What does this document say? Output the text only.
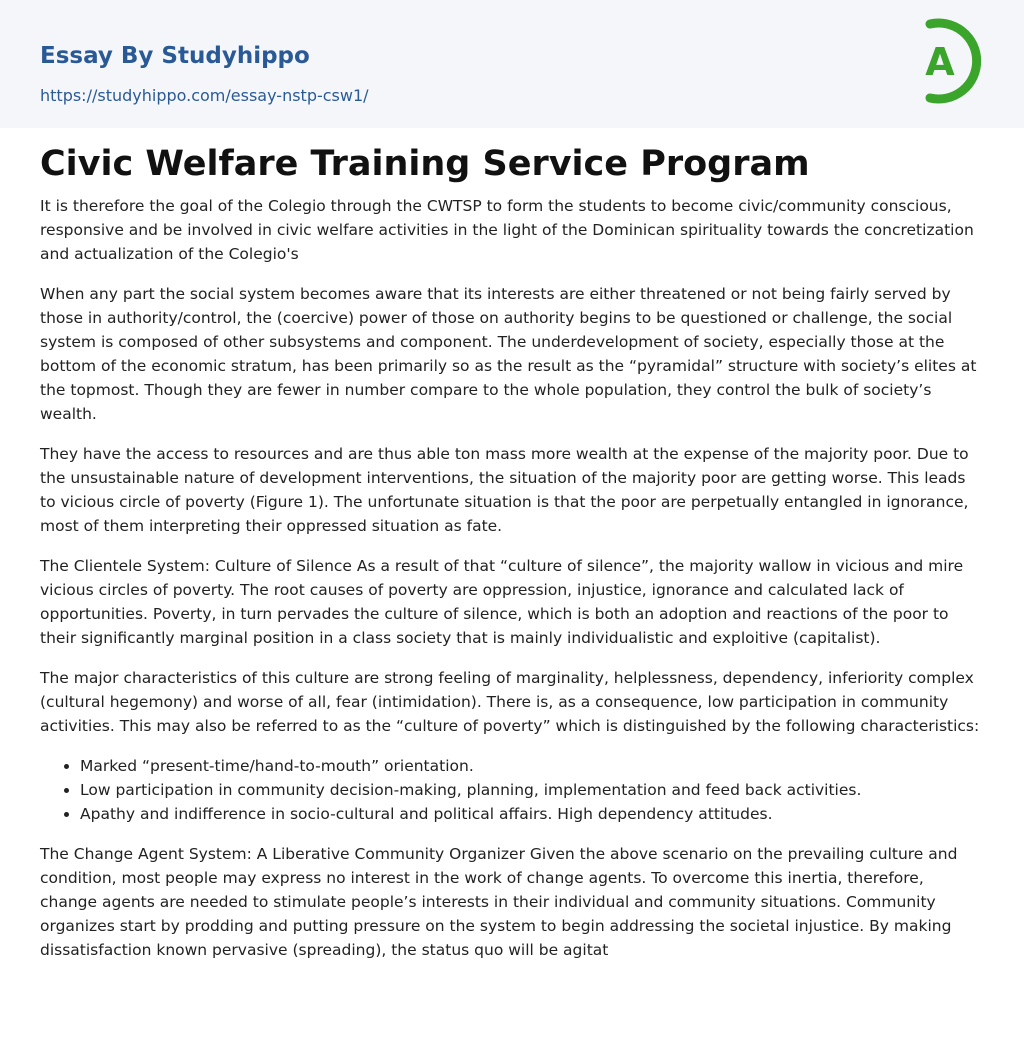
Essay By Studyhippo
https://studyhippo.com/essay-nstp-csw1/
A
Civic Welfare Training Service Program

It is therefore the goal of the Colegio through the CWTSP to form the students to become civic/community conscious, responsive and be involved in civic welfare activities in the light of the Dominican spirituality towards the concretization and actualization of the Colegio's

When any part the social system becomes aware that its interests are either threatened or not being fairly served by those in authority/control, the (coercive) power of those on authority begins to be questioned or challenge, the social system is composed of other subsystems and component. The underdevelopment of society, especially those at the bottom of the economic stratum, has been primarily so as the result as the “pyramidal” structure with society’s elites at the topmost. Though they are fewer in number compare to the whole population, they control the bulk of society’s wealth.

They have the access to resources and are thus able ton mass more wealth at the expense of the majority poor. Due to the unsustainable nature of development interventions, the situation of the majority poor are getting worse. This leads to vicious circle of poverty (Figure 1). The unfortunate situation is that the poor are perpetually entangled in ignorance, most of them interpreting their oppressed situation as fate.

The Clientele System: Culture of Silence As a result of that “culture of silence”, the majority wallow in vicious and mire vicious circles of poverty. The root causes of poverty are oppression, injustice, ignorance and calculated lack of opportunities. Poverty, in turn pervades the culture of silence, which is both an adoption and reactions of the poor to their significantly marginal position in a class society that is mainly individualistic and exploitive (capitalist).

The major characteristics of this culture are strong feeling of marginality, helplessness, dependency, inferiority complex (cultural hegemony) and worse of all, fear (intimidation). There is, as a consequence, low participation in community activities. This may also be referred to as the “culture of poverty” which is distinguished by the following characteristics:

• Marked “present-time/hand-to-mouth” orientation.
• Low participation in community decision-making, planning, implementation and feed back activities.
• Apathy and indifference in socio-cultural and political affairs. High dependency attitudes.

The Change Agent System: A Liberative Community Organizer Given the above scenario on the prevailing culture and condition, most people may express no interest in the work of change agents. To overcome this inertia, therefore, change agents are needed to stimulate people’s interests in their individual and community situations. Community organizes start by prodding and putting pressure on the system to begin addressing the societal injustice. By making dissatisfaction known pervasive (spreading), the status quo will be agitat
